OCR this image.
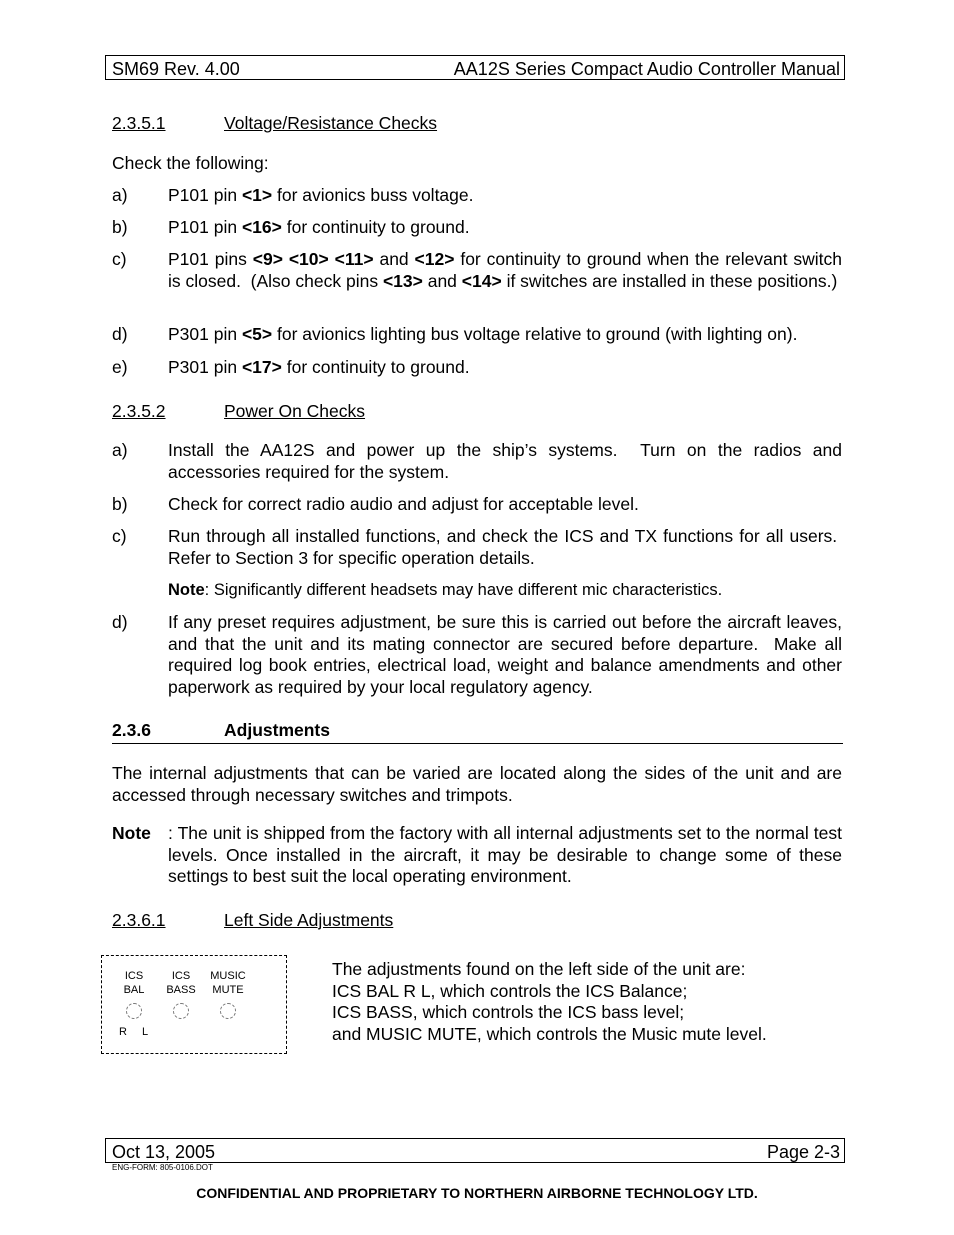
SM69 Rev. 4.00	AA12S Series Compact Audio Controller Manual
2.3.5.1	Voltage/Resistance Checks
Check the following:
a) P101 pin <1> for avionics buss voltage.
b) P101 pin <16> for continuity to ground.
c) P101 pins <9> <10> <11> and <12> for continuity to ground when the relevant switch is closed.  (Also check pins <13> and <14> if switches are installed in these positions.)
d) P301 pin <5> for avionics lighting bus voltage relative to ground (with lighting on).
e) P301 pin <17> for continuity to ground.
2.3.5.2	Power On Checks
a) Install the AA12S and power up the ship’s systems.  Turn on the radios and accessories required for the system.
b) Check for correct radio audio and adjust for acceptable level.
c) Run through all installed functions, and check the ICS and TX functions for all users.  Refer to Section 3 for specific operation details.
Note: Significantly different headsets may have different mic characteristics.
d) If any preset requires adjustment, be sure this is carried out before the aircraft leaves, and that the unit and its mating connector are secured before departure.  Make all required log book entries, electrical load, weight and balance amendments and other paperwork as required by your local regulatory agency.
2.3.6	Adjustments
The internal adjustments that can be varied are located along the sides of the unit and are accessed through necessary switches and trimpots.
Note : The unit is shipped from the factory with all internal adjustments set to the normal test levels. Once installed in the aircraft, it may be desirable to change some of these settings to best suit the local operating environment.
2.3.6.1	Left Side Adjustments
ICS
BAL
ICS
BASS
MUSIC
MUTE
R L
The adjustments found on the left side of the unit are:
ICS BAL R L, which controls the ICS Balance;
ICS BASS, which controls the ICS bass level;
and MUSIC MUTE, which controls the Music mute level.
Oct 13, 2005	Page 2-3
ENG-FORM: 805-0106.DOT
CONFIDENTIAL AND PROPRIETARY TO NORTHERN AIRBORNE TECHNOLOGY LTD.
